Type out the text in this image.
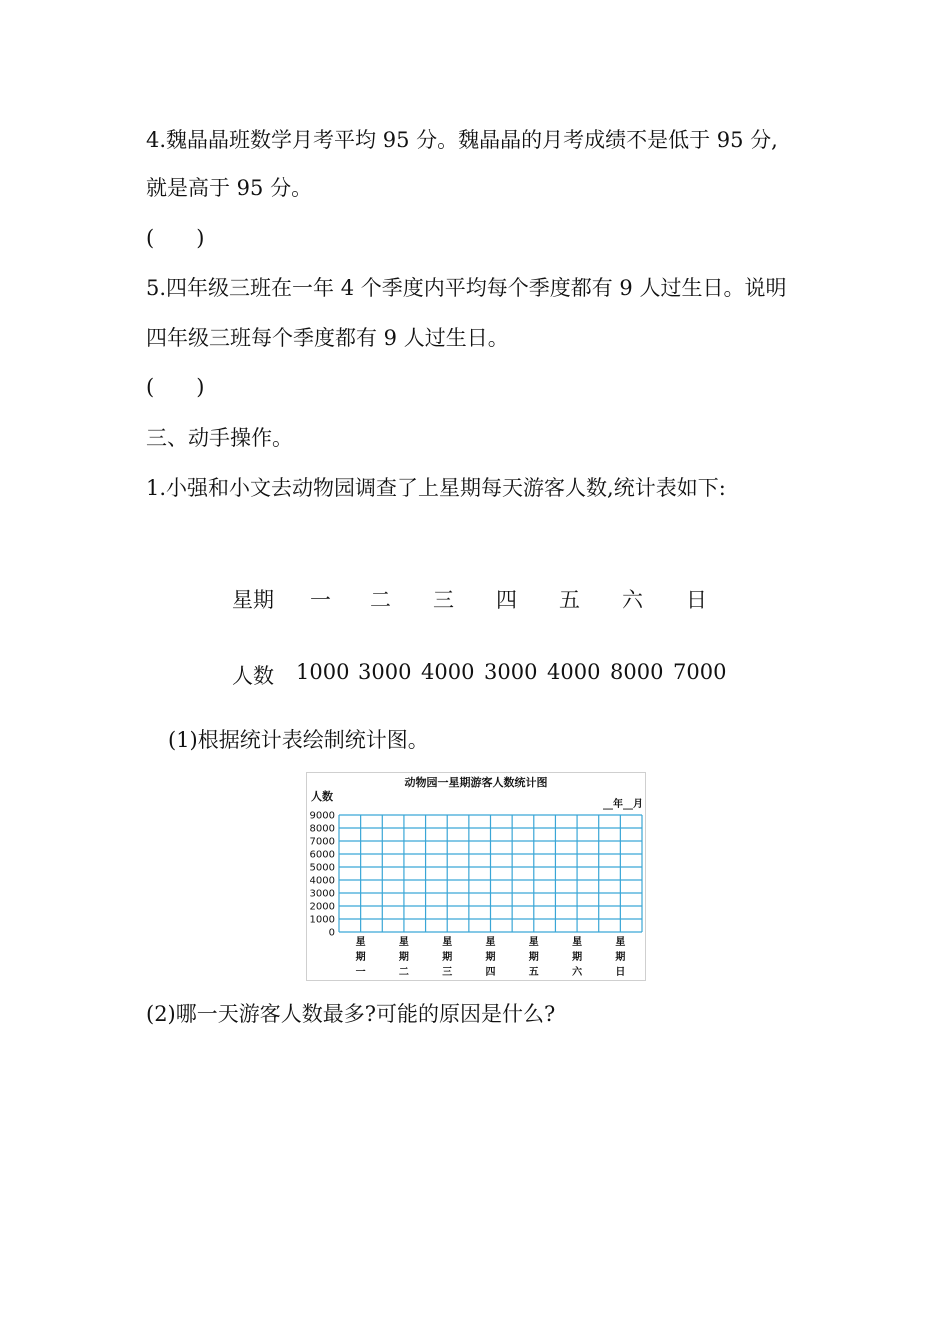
4.魏晶晶班数学月考平均 95 分。魏晶晶的月考成绩不是低于 95 分,
就是高于 95 分。
(　　)
5.四年级三班在一年 4 个季度内平均每个季度都有 9 人过生日。说明
四年级三班每个季度都有 9 人过生日。
(　　)
三、动手操作。
1.小强和小文去动物园调查了上星期每天游客人数,统计表如下:
星期 一 二 三 四 五 六 日
人数 1000 3000 4000 3000 4000 8000 7000
(1)根据统计表绘制统计图。
动物园一星期游客人数统计图
人数
__年__月
9000
8000
7000
6000
5000
4000
3000
2000
1000
0
星
期
一
星
期
二
星
期
三
星
期
四
星
期
五
星
期
六
星
期
日
(2)哪一天游客人数最多?可能的原因是什么?
